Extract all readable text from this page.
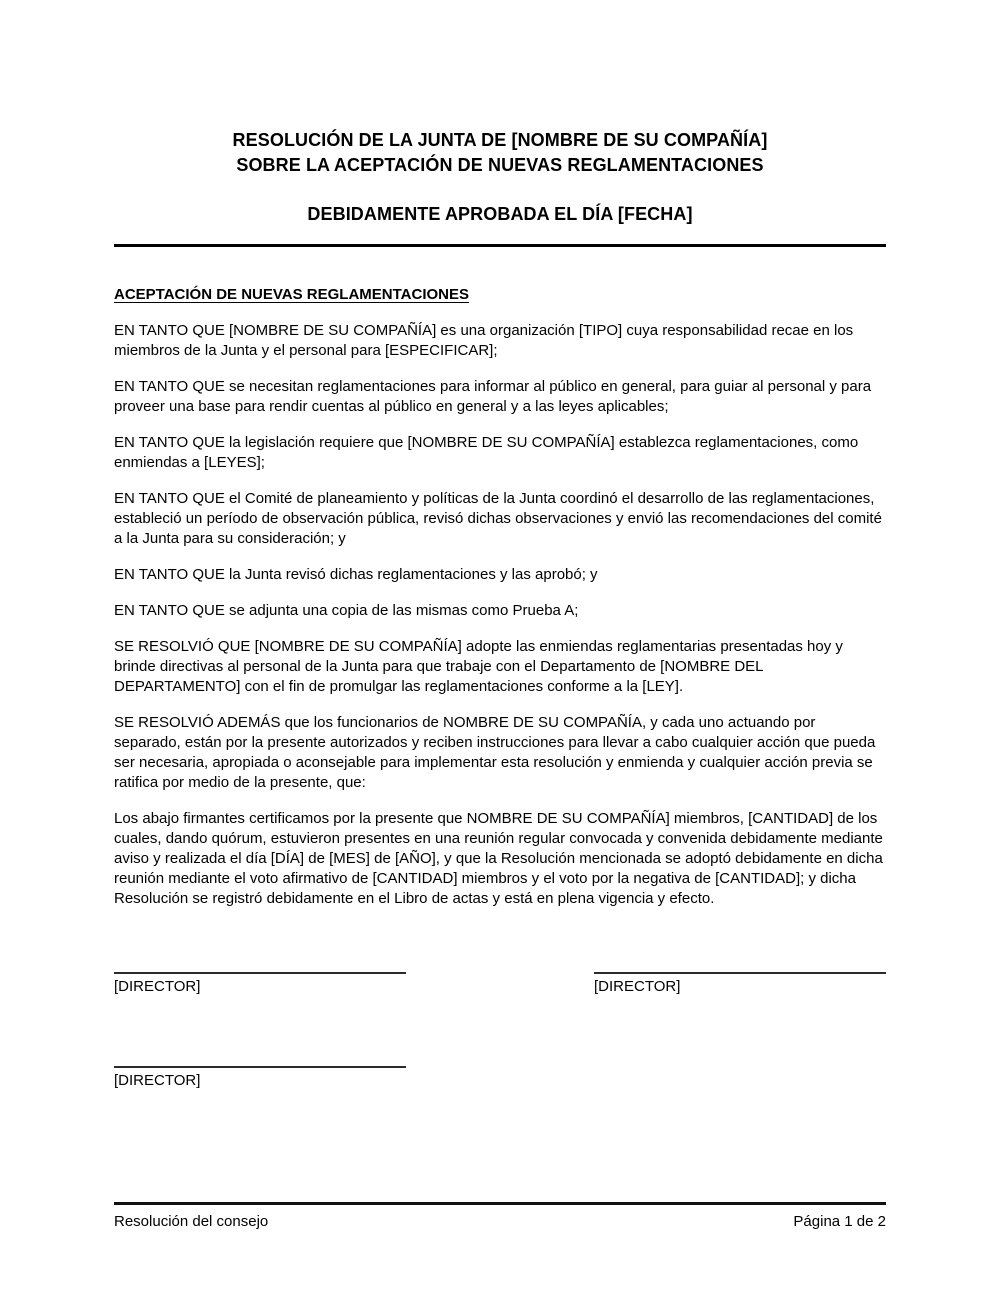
RESOLUCIÓN DE LA JUNTA DE [NOMBRE DE SU COMPAÑÍA]
SOBRE LA ACEPTACIÓN DE NUEVAS REGLAMENTACIONES
DEBIDAMENTE APROBADA EL DÍA [FECHA]
ACEPTACIÓN DE NUEVAS REGLAMENTACIONES

EN TANTO QUE [NOMBRE DE SU COMPAÑÍA] es una organización [TIPO] cuya responsabilidad recae en los miembros de la Junta y el personal para [ESPECIFICAR];

EN TANTO QUE se necesitan reglamentaciones para informar al público en general, para guiar al personal y para proveer una base para rendir cuentas al público en general y a las leyes aplicables;

EN TANTO QUE la legislación requiere que [NOMBRE DE SU COMPAÑÍA] establezca reglamentaciones, como enmiendas a [LEYES];

EN TANTO QUE el Comité de planeamiento y políticas de la Junta coordinó el desarrollo de las reglamentaciones, estableció un período de observación pública, revisó dichas observaciones y envió las recomendaciones del comité a la Junta para su consideración; y

EN TANTO QUE la Junta revisó dichas reglamentaciones y las aprobó; y

EN TANTO QUE se adjunta una copia de las mismas como Prueba A;

SE RESOLVIÓ QUE [NOMBRE DE SU COMPAÑÍA] adopte las enmiendas reglamentarias presentadas hoy y brinde directivas al personal de la Junta para que trabaje con el Departamento de [NOMBRE DEL DEPARTAMENTO] con el fin de promulgar las reglamentaciones conforme a la [LEY].

SE RESOLVIÓ ADEMÁS que los funcionarios de NOMBRE DE SU COMPAÑÍA, y cada uno actuando por separado, están por la presente autorizados y reciben instrucciones para llevar a cabo cualquier acción que pueda ser necesaria, apropiada o aconsejable para implementar esta resolución y enmienda y cualquier acción previa se ratifica por medio de la presente, que:

Los abajo firmantes certificamos por la presente que NOMBRE DE SU COMPAÑÍA] miembros, [CANTIDAD] de los cuales, dando quórum, estuvieron presentes en una reunión regular convocada y convenida debidamente mediante aviso y realizada el día [DÍA] de [MES] de [AÑO], y que la Resolución mencionada se adoptó debidamente en dicha reunión mediante el voto afirmativo de [CANTIDAD] miembros y el voto por la negativa de [CANTIDAD]; y dicha Resolución se registró debidamente en el Libro de actas y está en plena vigencia y efecto.

[DIRECTOR]	[DIRECTOR]
[DIRECTOR]
Resolución del consejo	Página 1 de 2
